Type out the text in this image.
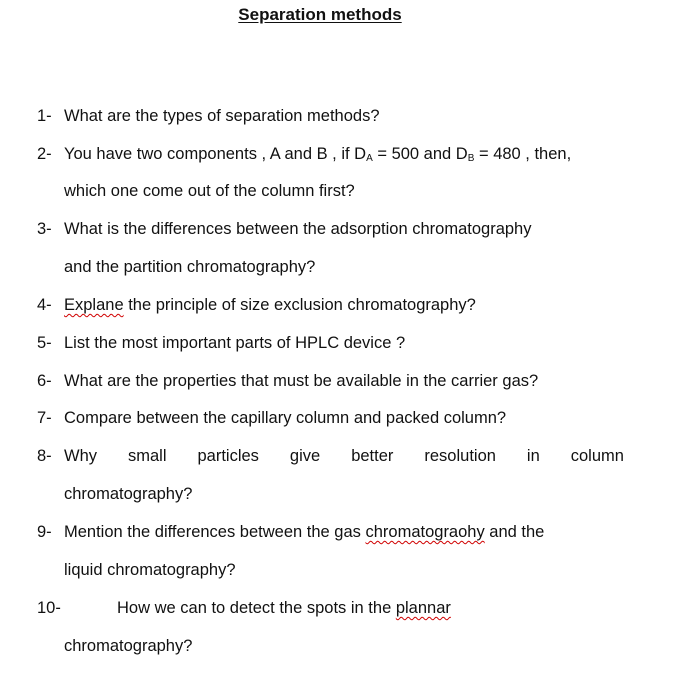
Separation methods
1- What are the types of separation methods?
2- You have two components , A and B , if $D_A = 500$ and $D_B = 480$ , then,
which one come out of the column first?
3- What is the differences between the adsorption chromatography
and the partition chromatography?
4- Explane the principle of size exclusion chromatography?
5- List the most important parts of HPLC device ?
6- What are the properties that must be available in the carrier gas?
7- Compare between the capillary column and packed column?
8- Why small particles give better resolution in column
chromatography?
9- Mention the differences between the gas chromatograohy and the
liquid chromatography?
10-	How we can to detect the spots in the plannar
chromatography?
